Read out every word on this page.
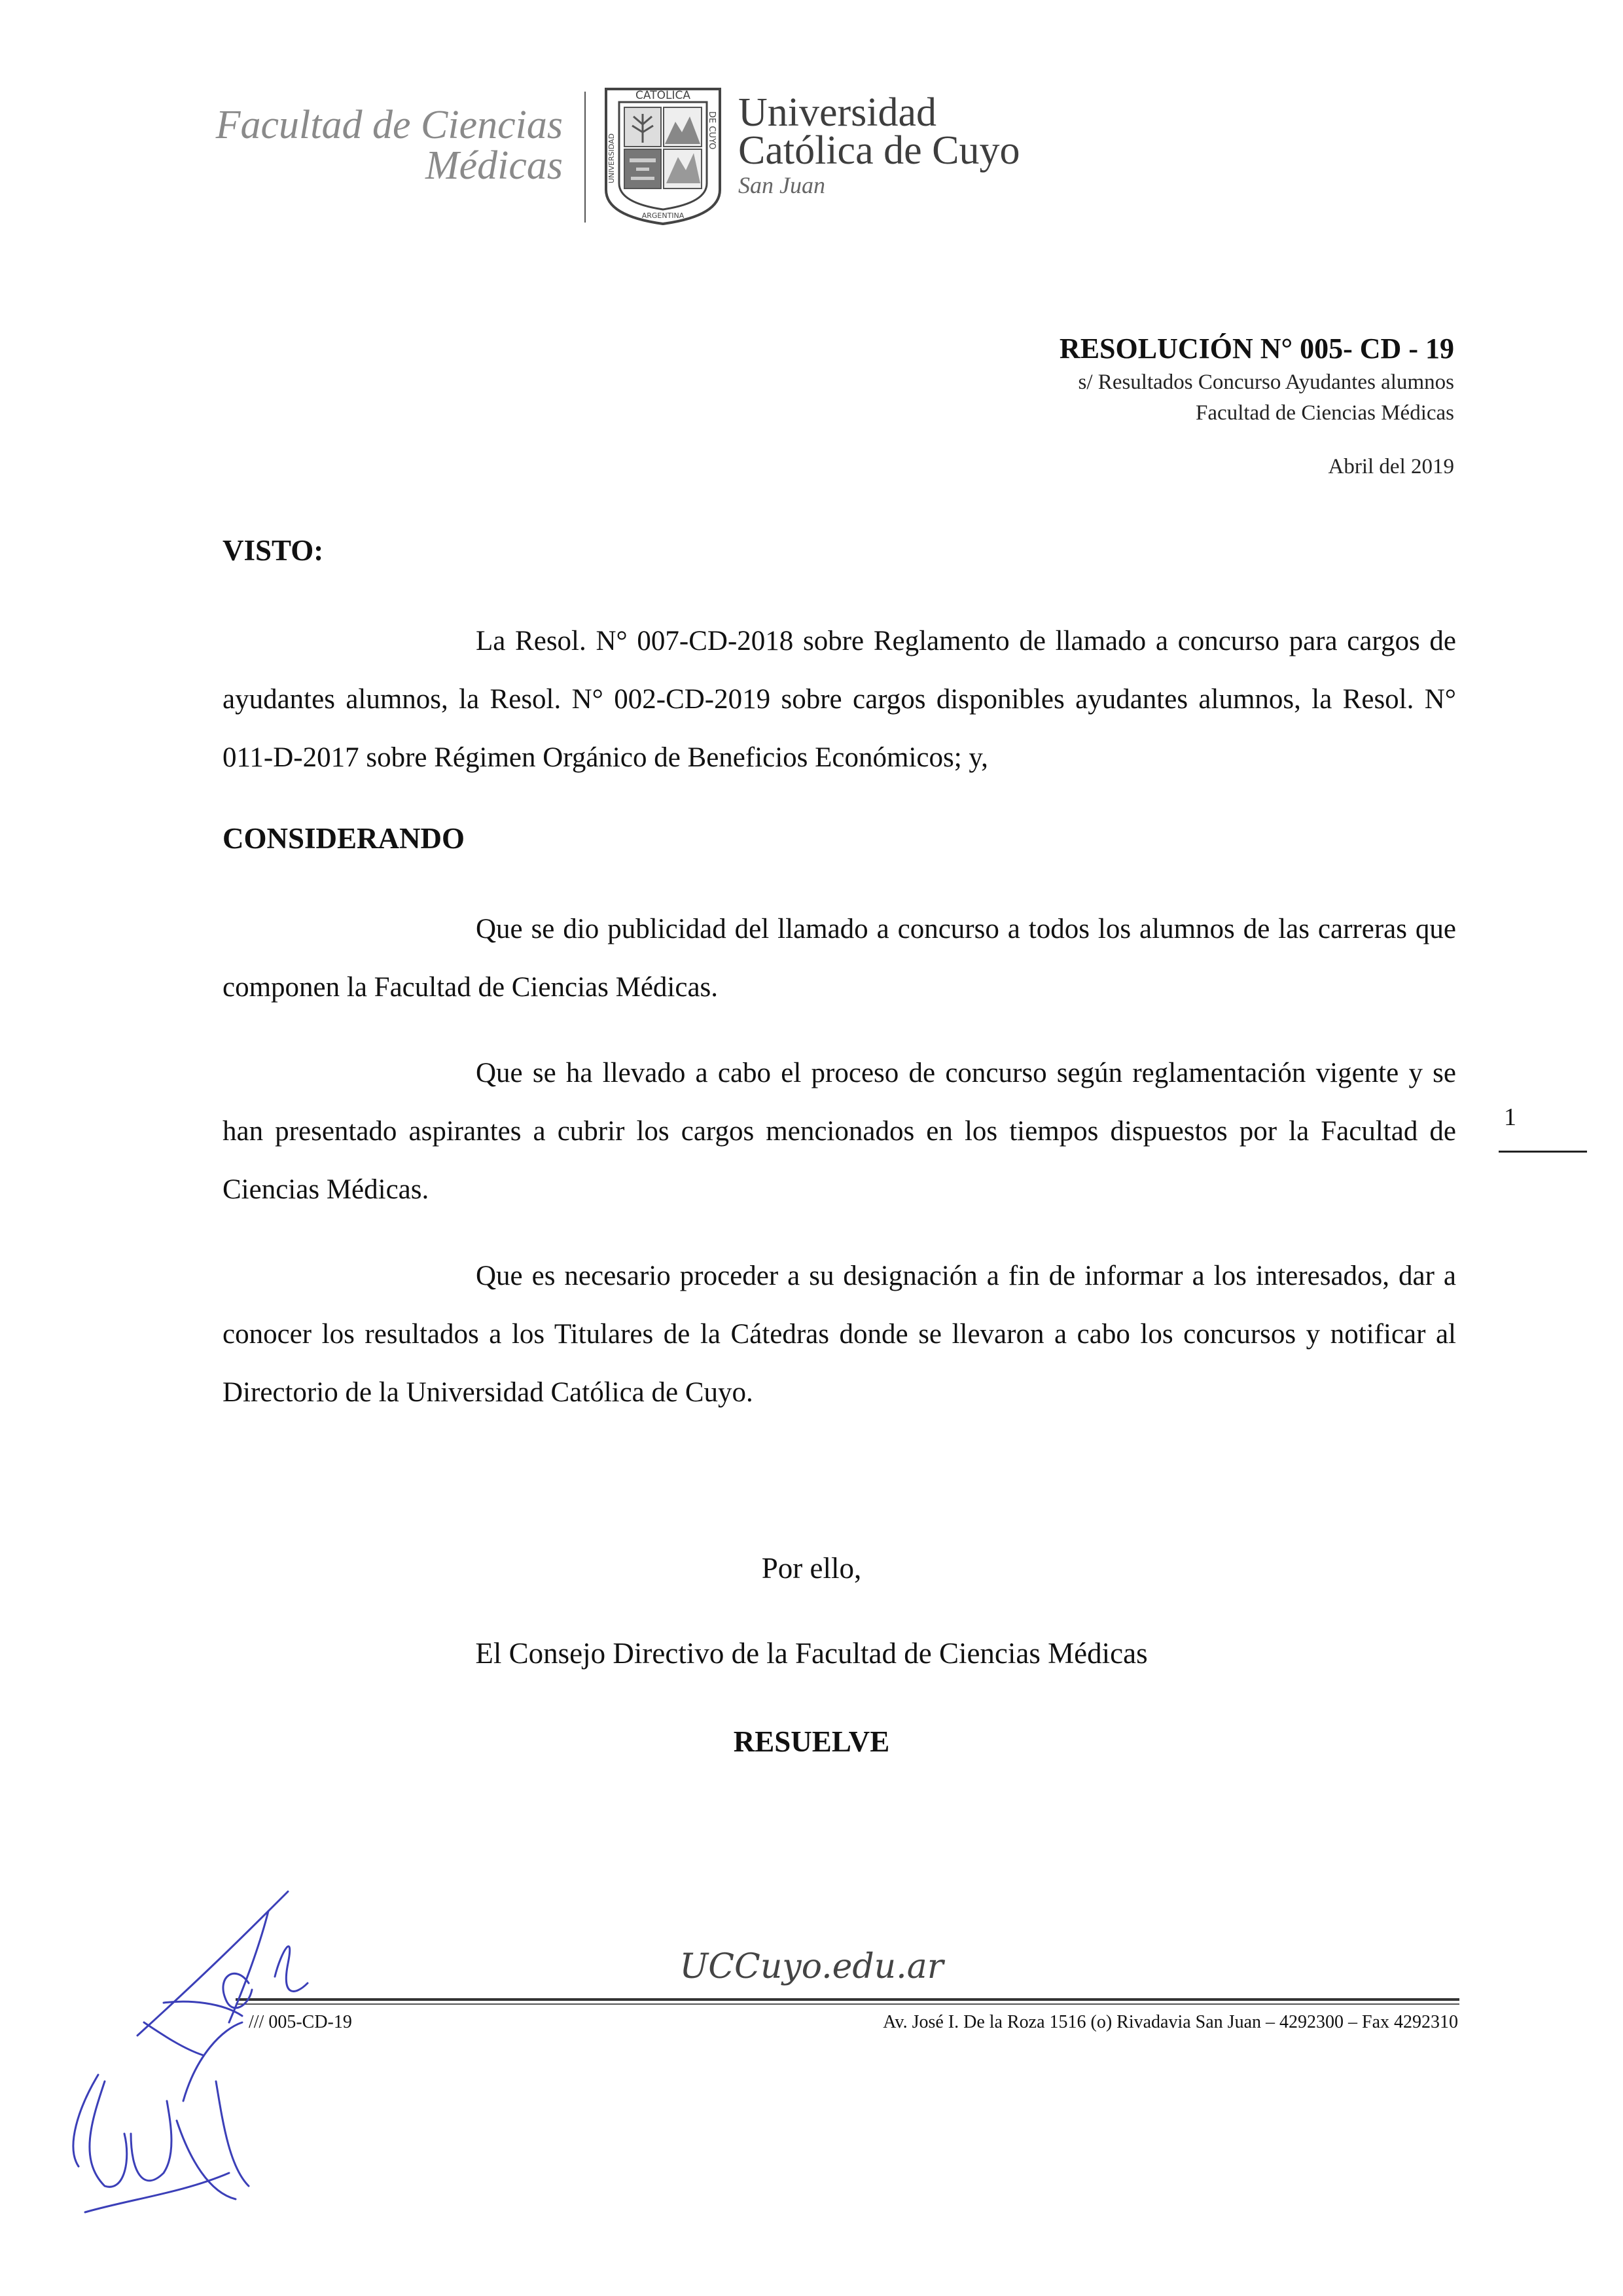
Facultad de Ciencias
Médicas
CATOLICA
ARGENTINA
UNIVERSIDAD
DE CUYO Universidad
Católica de Cuyo
San Juan
RESOLUCIÓN N° 005- CD - 19
s/ Resultados Concurso Ayudantes alumnos
Facultad de Ciencias Médicas
Abril del 2019
VISTO:
La Resol. N° 007-CD-2018 sobre Reglamento de llamado a concurso para cargos de ayudantes alumnos, la Resol. N° 002-CD-2019 sobre cargos disponibles ayudantes alumnos, la Resol. N° 011-D-2017 sobre Régimen Orgánico de Beneficios Económicos; y,
CONSIDERANDO
Que se dio publicidad del llamado a concurso a todos los alumnos de las carreras que componen la Facultad de Ciencias Médicas.
Que se ha llevado a cabo el proceso de concurso según reglamentación vigente y se han presentado aspirantes a cubrir los cargos mencionados en los tiempos dispuestos por la Facultad de Ciencias Médicas.
Que es necesario proceder a su designación a fin de informar a los interesados, dar a conocer los resultados a los Titulares de la Cátedras donde se llevaron a cabo los concursos y notificar al Directorio de la Universidad Católica de Cuyo.
1
Por ello,
El Consejo Directivo de la Facultad de Ciencias Médicas
RESUELVE
UCCuyo.edu.ar
/// 005-CD-19	Av. José I. De la Roza 1516 (o) Rivadavia San Juan – 4292300 – Fax 4292310
